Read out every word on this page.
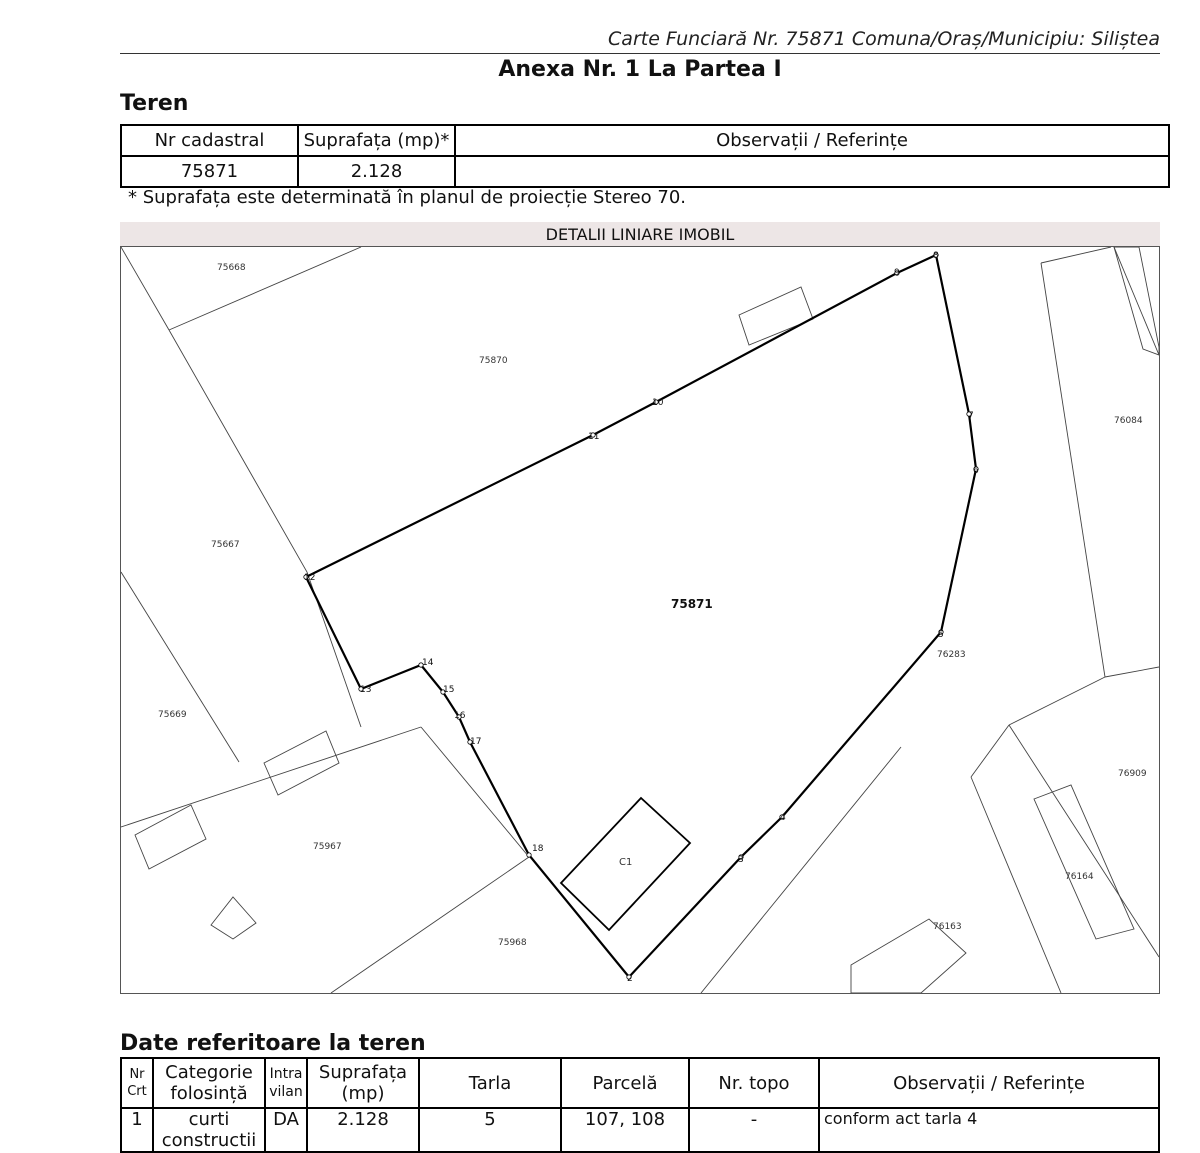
Carte Funciară Nr. 75871 Comuna/Oraș/Municipiu: Siliștea
Anexa Nr. 1 La Partea I
Teren
Nr cadastral	Suprafața (mp)*	Observații / Referințe
75871	2.128	
* Suprafața este determinată în planul de proiecție Stereo 70.
DETALII LINIARE IMOBIL
2
3
4
5
6
7
8
9
10
11
12
13
14
15
16
17
18
75668
75870
75667
75669
75967
75968
76084
76283
76909
76164
76163
75871
C1
Date referitoare la teren
Nr Crt	Categorie folosință	Intra vilan	Suprafața (mp)	Tarla	Parcelă	Nr. topo	Observații / Referințe
1	curti constructii	DA	2.128	5	107, 108	-	conform act tarla 4
